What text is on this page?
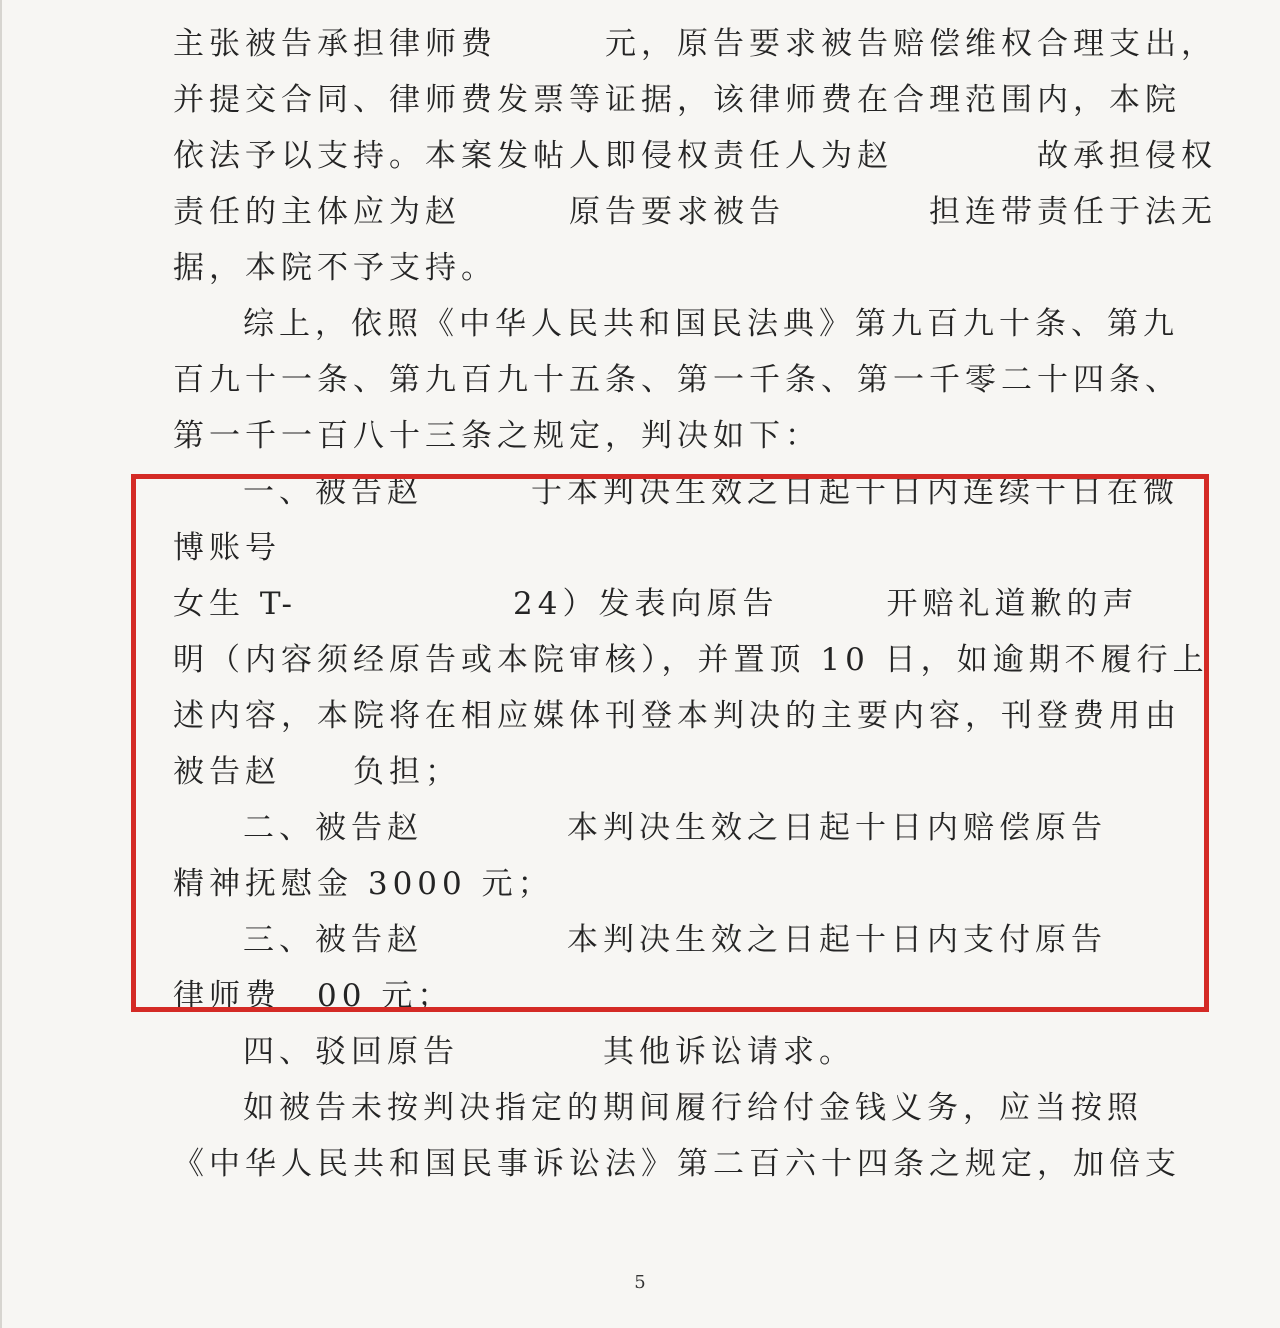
主张被告承担律师费　　　元，原告要求被告赔偿维权合理支出，
并提交合同、律师费发票等证据，该律师费在合理范围内，本院
依法予以支持。本案发帖人即侵权责任人为赵　　　　故承担侵权
责任的主体应为赵　　　原告要求被告　　　　担连带责任于法无
据，本院不予支持。
综上，依照《中华人民共和国民法典》第九百九十条、第九
百九十一条、第九百九十五条、第一千条、第一千零二十四条、
第一千一百八十三条之规定，判决如下：
一、被告赵　　　于本判决生效之日起十日内连续十日在微
博账号
女生 T-　　　　　　24）发表向原告　　　开赔礼道歉的声
明（内容须经原告或本院审核），并置顶 10 日，如逾期不履行上
述内容，本院将在相应媒体刊登本判决的主要内容，刊登费用由
被告赵　　负担；
二、被告赵　　　　本判决生效之日起十日内赔偿原告
精神抚慰金 3000 元；
三、被告赵　　　　本判决生效之日起十日内支付原告
律师费　00 元；
四、驳回原告　　　　其他诉讼请求。
如被告未按判决指定的期间履行给付金钱义务，应当按照
《中华人民共和国民事诉讼法》第二百六十四条之规定，加倍支
5
